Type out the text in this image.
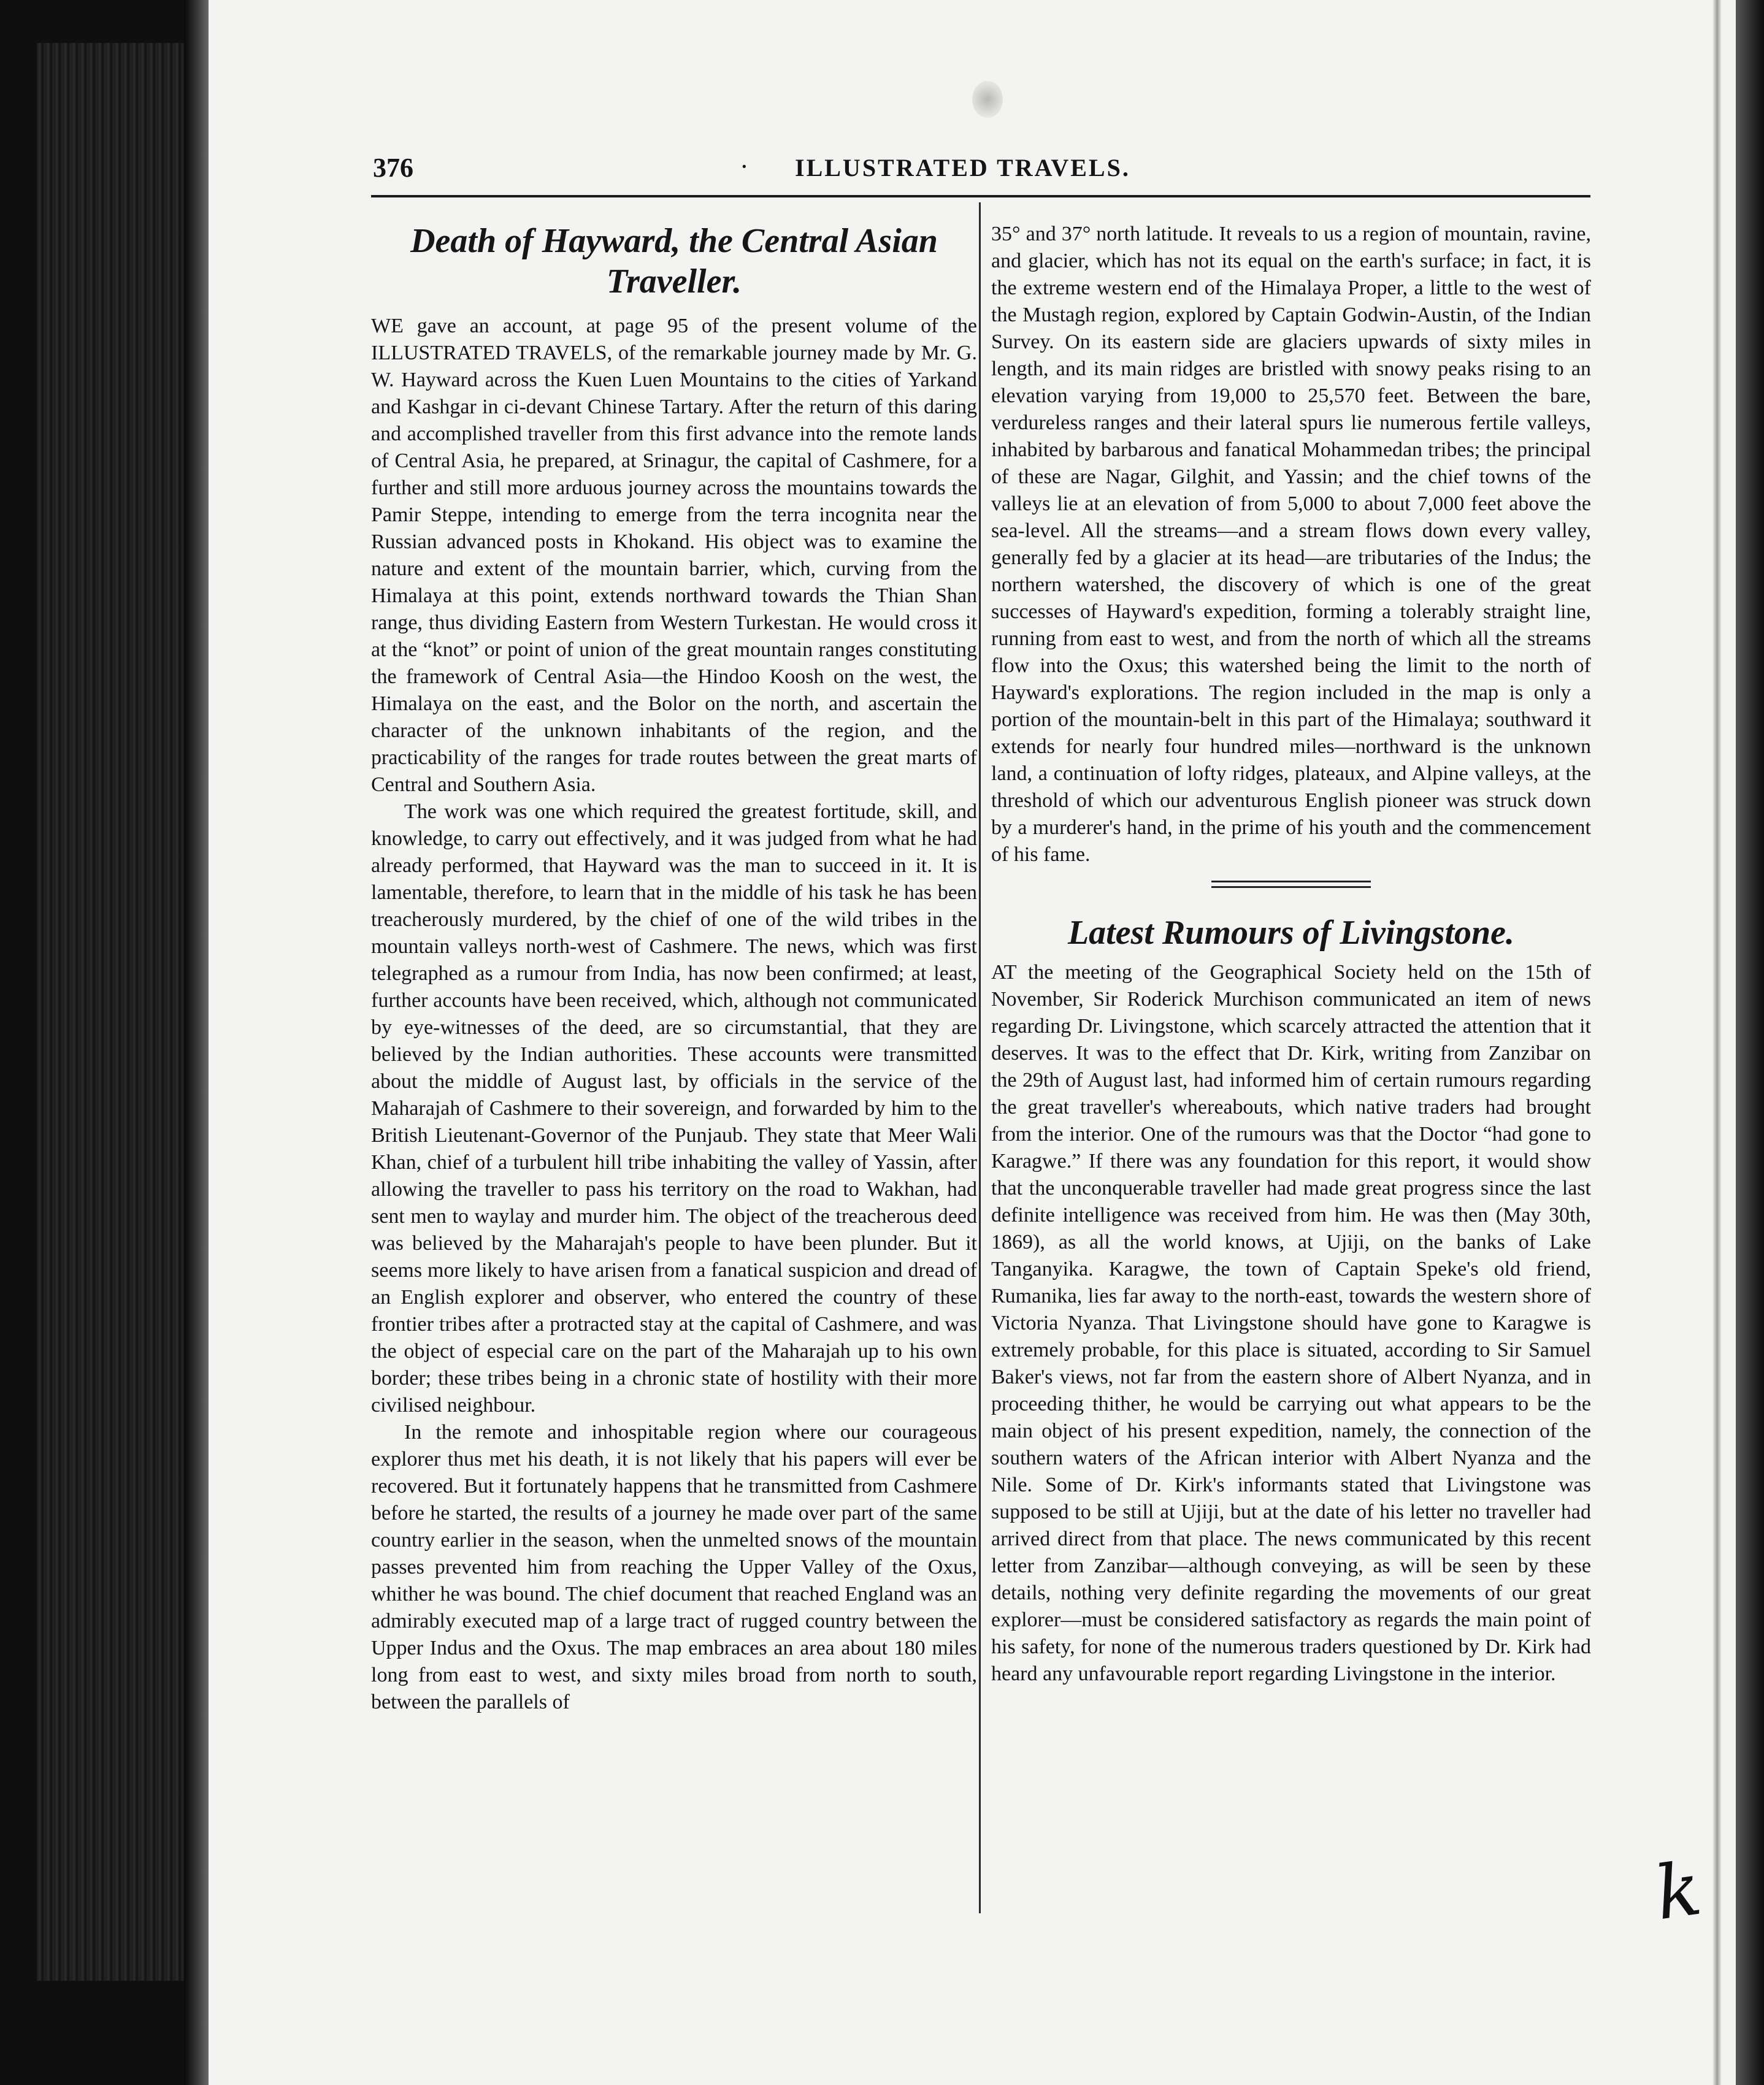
376	· ILLUSTRATED TRAVELS.
Death of Hayward, the Central Asian Traveller.

WE gave an account, at page 95 of the present volume of the ILLUSTRATED TRAVELS, of the remarkable journey made by Mr. G. W. Hayward across the Kuen Luen Mountains to the cities of Yarkand and Kashgar in ci-devant Chinese Tartary. After the return of this daring and accomplished traveller from this first advance into the remote lands of Central Asia, he prepared, at Srinagur, the capital of Cashmere, for a further and still more arduous journey across the mountains towards the Pamir Steppe, intending to emerge from the terra incognita near the Russian advanced posts in Khokand. His object was to examine the nature and extent of the mountain barrier, which, curving from the Himalaya at this point, extends northward towards the Thian Shan range, thus dividing Eastern from Western Turkestan. He would cross it at the “knot” or point of union of the great mountain ranges constituting the framework of Central Asia—the Hindoo Koosh on the west, the Himalaya on the east, and the Bolor on the north, and ascertain the character of the unknown inhabitants of the region, and the practicability of the ranges for trade routes between the great marts of Central and Southern Asia.

The work was one which required the greatest fortitude, skill, and knowledge, to carry out effectively, and it was judged from what he had already performed, that Hayward was the man to succeed in it. It is lamentable, therefore, to learn that in the middle of his task he has been treacherously murdered, by the chief of one of the wild tribes in the mountain valleys north-west of Cashmere. The news, which was first telegraphed as a rumour from India, has now been confirmed; at least, further accounts have been received, which, although not communicated by eye-witnesses of the deed, are so circumstantial, that they are believed by the Indian authorities. These accounts were transmitted about the middle of August last, by officials in the service of the Maharajah of Cashmere to their sovereign, and forwarded by him to the British Lieutenant-Governor of the Punjaub. They state that Meer Wali Khan, chief of a turbulent hill tribe inhabiting the valley of Yassin, after allowing the traveller to pass his territory on the road to Wakhan, had sent men to waylay and murder him. The object of the treacherous deed was believed by the Maharajah's people to have been plunder. But it seems more likely to have arisen from a fanatical suspicion and dread of an English explorer and observer, who entered the country of these frontier tribes after a protracted stay at the capital of Cashmere, and was the object of especial care on the part of the Maharajah up to his own border; these tribes being in a chronic state of hostility with their more civilised neighbour.

In the remote and inhospitable region where our courageous explorer thus met his death, it is not likely that his papers will ever be recovered. But it fortunately happens that he transmitted from Cashmere before he started, the results of a journey he made over part of the same country earlier in the season, when the unmelted snows of the mountain passes prevented him from reaching the Upper Valley of the Oxus, whither he was bound. The chief document that reached England was an admirably executed map of a large tract of rugged country between the Upper Indus and the Oxus. The map embraces an area about 180 miles long from east to west, and sixty miles broad from north to south, between the parallels of

35° and 37° north latitude. It reveals to us a region of mountain, ravine, and glacier, which has not its equal on the earth's surface; in fact, it is the extreme western end of the Himalaya Proper, a little to the west of the Mustagh region, explored by Captain Godwin-Austin, of the Indian Survey. On its eastern side are glaciers upwards of sixty miles in length, and its main ridges are bristled with snowy peaks rising to an elevation varying from 19,000 to 25,570 feet. Between the bare, verdureless ranges and their lateral spurs lie numerous fertile valleys, inhabited by barbarous and fanatical Mohammedan tribes; the principal of these are Nagar, Gilghit, and Yassin; and the chief towns of the valleys lie at an elevation of from 5,000 to about 7,000 feet above the sea-level. All the streams—and a stream flows down every valley, generally fed by a glacier at its head—are tributaries of the Indus; the northern watershed, the discovery of which is one of the great successes of Hayward's expedition, forming a tolerably straight line, running from east to west, and from the north of which all the streams flow into the Oxus; this watershed being the limit to the north of Hayward's explorations. The region included in the map is only a portion of the mountain-belt in this part of the Himalaya; southward it extends for nearly four hundred miles—northward is the unknown land, a continuation of lofty ridges, plateaux, and Alpine valleys, at the threshold of which our adventurous English pioneer was struck down by a murderer's hand, in the prime of his youth and the commencement of his fame.

Latest Rumours of Livingstone.

AT the meeting of the Geographical Society held on the 15th of November, Sir Roderick Murchison communicated an item of news regarding Dr. Livingstone, which scarcely attracted the attention that it deserves. It was to the effect that Dr. Kirk, writing from Zanzibar on the 29th of August last, had informed him of certain rumours regarding the great traveller's whereabouts, which native traders had brought from the interior. One of the rumours was that the Doctor “had gone to Karagwe.” If there was any foundation for this report, it would show that the unconquerable traveller had made great progress since the last definite intelligence was received from him. He was then (May 30th, 1869), as all the world knows, at Ujiji, on the banks of Lake Tanganyika. Karagwe, the town of Captain Speke's old friend, Rumanika, lies far away to the north-east, towards the western shore of Victoria Nyanza. That Livingstone should have gone to Karagwe is extremely probable, for this place is situated, according to Sir Samuel Baker's views, not far from the eastern shore of Albert Nyanza, and in proceeding thither, he would be carrying out what appears to be the main object of his present expedition, namely, the connection of the southern waters of the African interior with Albert Nyanza and the Nile. Some of Dr. Kirk's informants stated that Livingstone was supposed to be still at Ujiji, but at the date of his letter no traveller had arrived direct from that place. The news communicated by this recent letter from Zanzibar—although conveying, as will be seen by these details, nothing very definite regarding the movements of our great explorer—must be considered satisfactory as regards the main point of his safety, for none of the numerous traders questioned by Dr. Kirk had heard any unfavourable report regarding Livingstone in the interior.

k
